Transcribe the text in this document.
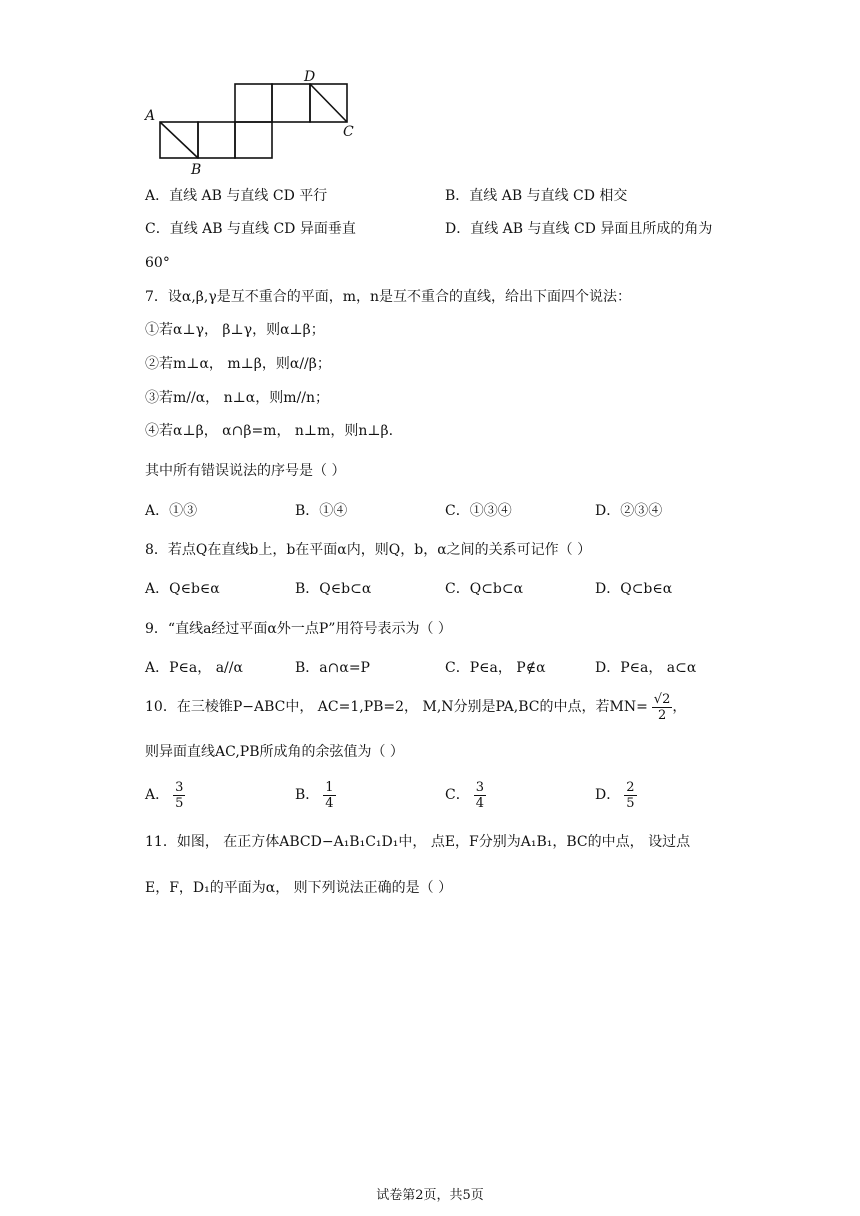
A
B
C
D
A．直线 AB 与直线 CD 平行	B．直线 AB 与直线 CD 相交
C．直线 AB 与直线 CD 异面垂直	D．直线 AB 与直线 CD 异面且所成的角为
60°
7．设α,β,γ是互不重合的平面，m，n是互不重合的直线，给出下面四个说法：
①若α⊥γ， β⊥γ，则α⊥β；
②若m⊥α， m⊥β，则α//β；
③若m//α， n⊥α，则m//n；
④若α⊥β， α∩β=m， n⊥m，则n⊥β.
其中所有错误说法的序号是（ ）
A．①③	B．①④	C．①③④	D．②③④
8．若点Q在直线b上，b在平面α内，则Q，b，α之间的关系可记作（ ）
A．Q∈b∈α	B．Q∈b⊂α	C．Q⊂b⊂α	D．Q⊂b∈α
9．“直线a经过平面α外一点P”用符号表示为（ ）
A．P∈a， a//α	B．a∩α=P	C．P∈a， P∉α	D．P∈a， a⊂α
10．在三棱锥P−ABC中， AC=1,PB=2， M,N分别是PA,BC的中点，若$MN= \frac{√2}{2}$ ，
则异面直线AC,PB所成角的余弦值为（ ）
A． $\frac{3}{5}$	B． $\frac{1}{4}$	C． $\frac{3}{4}$	D． $\frac{2}{5}$
11．如图， 在正方体ABCD−A₁B₁C₁D₁中， 点E，F分别为A₁B₁，BC的中点， 设过点
E，F，D₁的平面为α， 则下列说法正确的是（ ）
试卷第2页，共5页
